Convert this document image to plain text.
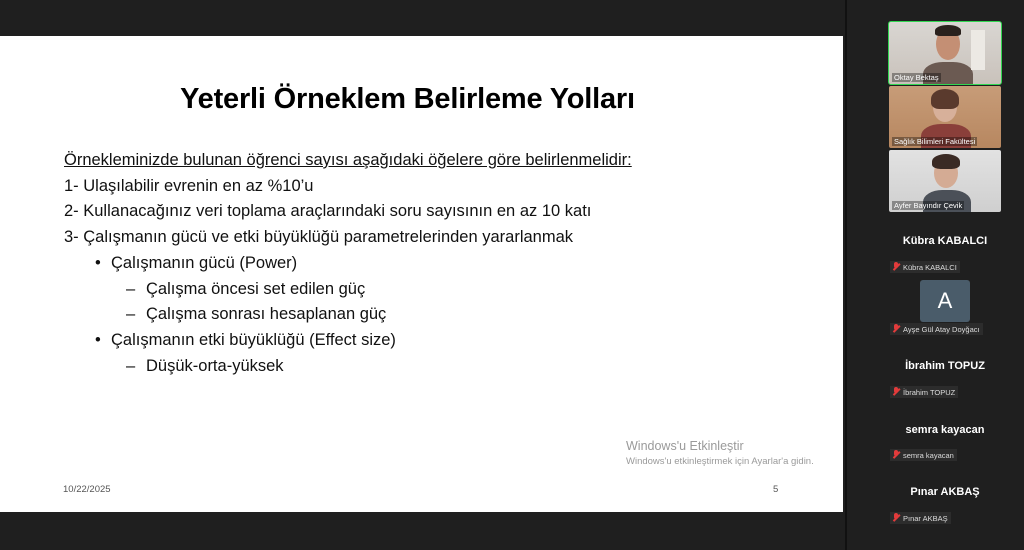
Yeterli Örneklem Belirleme Yolları
Örnekleminizde bulunan öğrenci sayısı aşağıdaki öğelere göre belirlenmelidir:
1- Ulaşılabilir evrenin en az %10’u
2- Kullanacağınız veri toplama araçlarındaki soru sayısının en az 10 katı
3- Çalışmanın gücü ve etki büyüklüğü parametrelerinden yararlanmak
• Çalışmanın gücü (Power)
– Çalışma öncesi set edilen güç
– Çalışma sonrası hesaplanan güç
• Çalışmanın etki büyüklüğü (Effect size)
– Düşük-orta-yüksek
Windows'u Etkinleştir
Windows'u etkinleştirmek için Ayarlar'a gidin.
10/22/2025	5
Oktay Bektaş
Sağlık Bilimleri Fakültesi
Ayfer Bayındır Çevik
Kübra KABALCI
Kübra KABALCI
A
Ayşe Gül Atay Doyğacı
İbrahim TOPUZ
İbrahim TOPUZ
semra kayacan
semra kayacan
Pınar AKBAŞ
Pınar AKBAŞ
